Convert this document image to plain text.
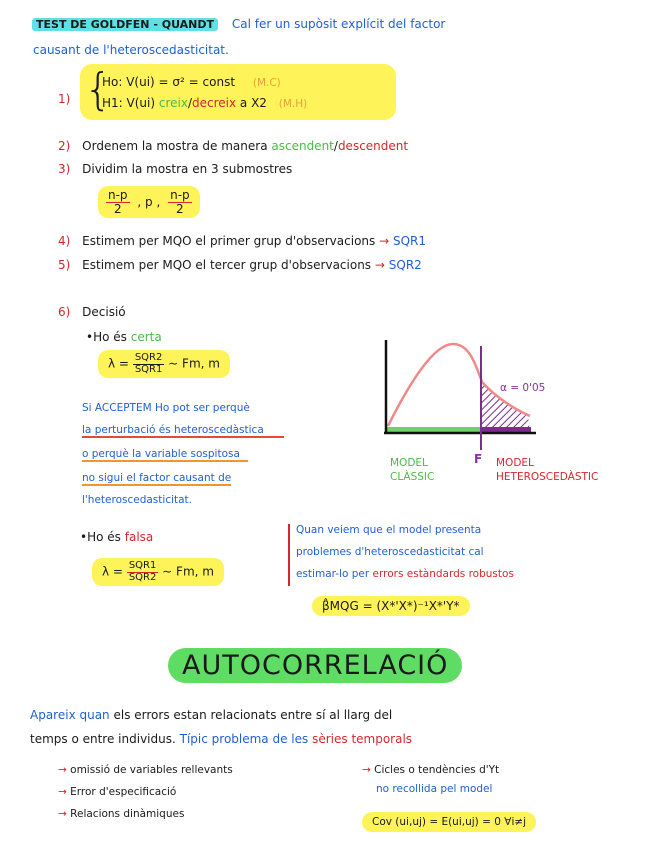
TEST DE GOLDFEN - QUANDT Cal fer un supòsit explícit del factor
causant de l'heteroscedasticitat.
1) {
Ho: V(ui) = σ² = const (M.C)
H1: V(ui) creix/decreix a X2 (M.H)
2) Ordenem la mostra de manera ascendent/descendent
3) Dividim la mostra en 3 submostres
$\frac{n-p}{2}$ , p , $\frac{n-p}{2}$
4) Estimem per MQO el primer grup d'observacions → SQR1
5) Estimem per MQO el tercer grup d'observacions → SQR2
6) Decisió
•Ho és certa
$\lambda = \frac{\text{SQR2}}{\text{SQR1}}$ ∼ Fm, m
Si ACCEPTEM Ho pot ser perquè
la perturbació és heteroscedàstica
o perquè la variable sospitosa
no sigui el factor causant de
l'heteroscedasticitat.
•Ho és falsa
$\lambda = \frac{\text{SQR1}}{\text{SQR2}}$ ∼ Fm, m
Quan veiem que el model presenta
problemes d'heteroscedasticitat cal
estimar-lo per errors estàndards robustos
β̂MQG = (X*'X*)⁻¹X*'Y*
α = 0'05
F
MODEL
CLÀSSIC
MODEL
HETEROSCEDÀSTIC
AUTOCORRELACIÓ
Apareix quan els errors estan relacionats entre sí al llarg del
temps o entre individus. Típic problema de les sèries temporals
→ omissió de variables rellevants
→ Error d'especificació
→ Relacions dinàmiques
→ Cicles o tendències d'Yt
no recollida pel model
Cov (ui,uj) = E(ui,uj) = 0 ∀i≠j
